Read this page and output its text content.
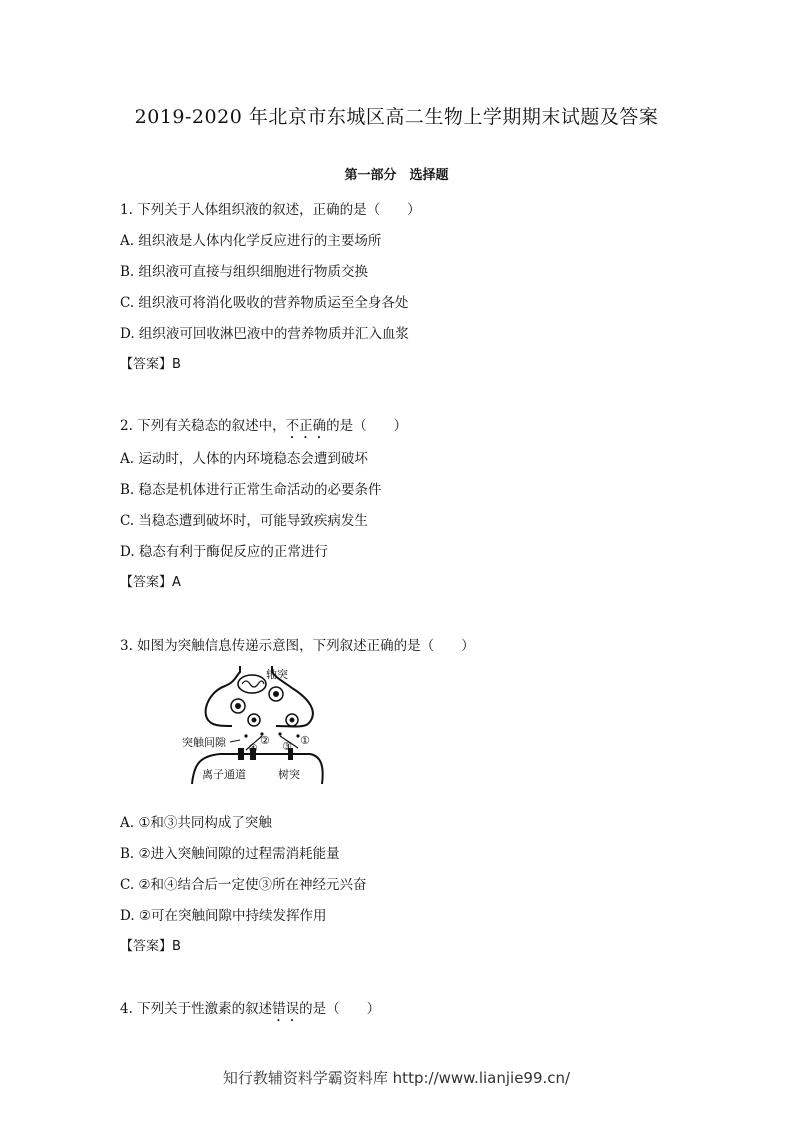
2019-2020 年北京市东城区高二生物上学期期末试题及答案
第一部分　选择题
1. 下列关于人体组织液的叙述，正确的是（　　）
A. 组织液是人体内化学反应进行的主要场所
B. 组织液可直接与组织细胞进行物质交换
C. 组织液可将消化吸收的营养物质运至全身各处
D. 组织液可回收淋巴液中的营养物质并汇入血浆
【答案】B
2. 下列有关稳态的叙述中，不正确的是（　　）
A. 运动时，人体的内环境稳态会遭到破坏
B. 稳态是机体进行正常生命活动的必要条件
C. 当稳态遭到破坏时，可能导致疾病发生
D. 稳态有利于酶促反应的正常进行
【答案】A
3. 如图为突触信息传递示意图，下列叙述正确的是（　　）
轴突
突触间隙
离子通道	树突
①
② ③
④
A. ①和③共同构成了突触
B. ②进入突触间隙的过程需消耗能量
C. ②和④结合后一定使③所在神经元兴奋
D. ②可在突触间隙中持续发挥作用
【答案】B
4. 下列关于性激素的叙述错误的是（　　）
知行教辅资料学霸资料库 http://www.lianjie99.cn/
